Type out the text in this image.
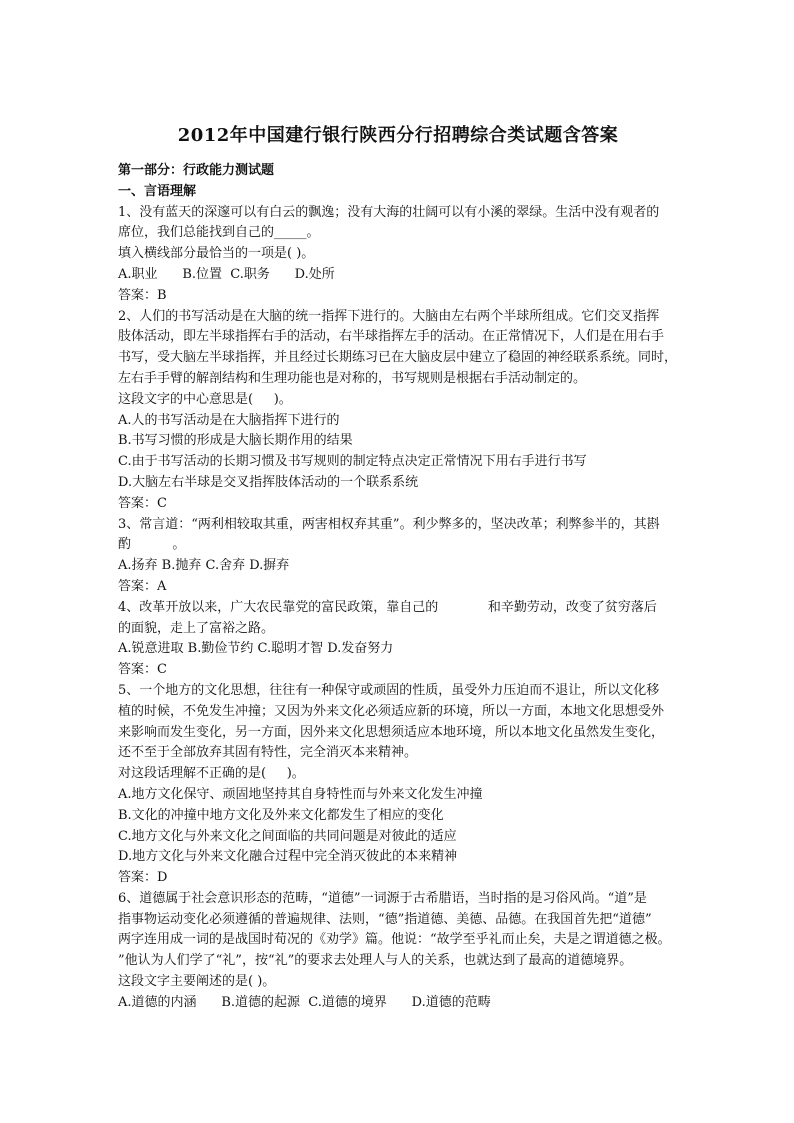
2012年中国建行银行陕西分行招聘综合类试题含答案
第一部分：行政能力测试题
一、言语理解
1、没有蓝天的深邃可以有白云的飘逸；没有大海的壮阔可以有小溪的翠绿。生活中没有观者的
席位，我们总能找到自己的_____。
填入横线部分最恰当的一项是( )。
A.职业      B.位置  C.职务      D.处所
答案：B
2、人们的书写活动是在大脑的统一指挥下进行的。大脑由左右两个半球所组成。它们交叉指挥
肢体活动，即左半球指挥右手的活动，右半球指挥左手的活动。在正常情况下，人们是在用右手
书写，受大脑左半球指挥，并且经过长期练习已在大脑皮层中建立了稳固的神经联系系统。同时，
左右手手臂的解剖结构和生理功能也是对称的，书写规则是根据右手活动制定的。
这段文字的中心意思是(     )。
A.人的书写活动是在大脑指挥下进行的
B.书写习惯的形成是大脑长期作用的结果
C.由于书写活动的长期习惯及书写规则的制定特点决定正常情况下用右手进行书写
D.大脑左右半球是交叉指挥肢体活动的一个联系系统
答案：C
3、常言道：“两利相较取其重，两害相权弃其重”。利少弊多的，坚决改革；利弊参半的，其斟
酌          。
A.扬弃 B.抛弃 C.舍弃 D.摒弃
答案：A
4、改革开放以来，广大农民靠党的富民政策，靠自己的            和辛勤劳动，改变了贫穷落后
的面貌，走上了富裕之路。
A.锐意进取 B.勤俭节约 C.聪明才智 D.发奋努力
答案：C
5、一个地方的文化思想，往往有一种保守或顽固的性质，虽受外力压迫而不退让，所以文化移
植的时候，不免发生冲撞；又因为外来文化必须适应新的环境，所以一方面，本地文化思想受外
来影响而发生变化，另一方面，因外来文化思想须适应本地环境，所以本地文化虽然发生变化，
还不至于全部放弃其固有特性，完全消灭本来精神。
对这段话理解不正确的是(     )。
A.地方文化保守、顽固地坚持其自身特性而与外来文化发生冲撞
B.文化的冲撞中地方文化及外来文化都发生了相应的变化
C.地方文化与外来文化之间面临的共同问题是对彼此的适应
D.地方文化与外来文化融合过程中完全消灭彼此的本来精神
答案：D
6、道德属于社会意识形态的范畴，“道德”一词源于古希腊语，当时指的是习俗风尚。“道”是
指事物运动变化必须遵循的普遍规律、法则，“德”指道德、美德、品德。在我国首先把“道德”
两字连用成一词的是战国时荀况的《劝学》篇。他说：“故学至乎礼而止矣，夫是之谓道德之极。
”他认为人们学了“礼”，按“礼”的要求去处理人与人的关系，也就达到了最高的道德境界。
这段文字主要阐述的是( )。
A.道德的内涵      B.道德的起源  C.道德的境界      D.道德的范畴
